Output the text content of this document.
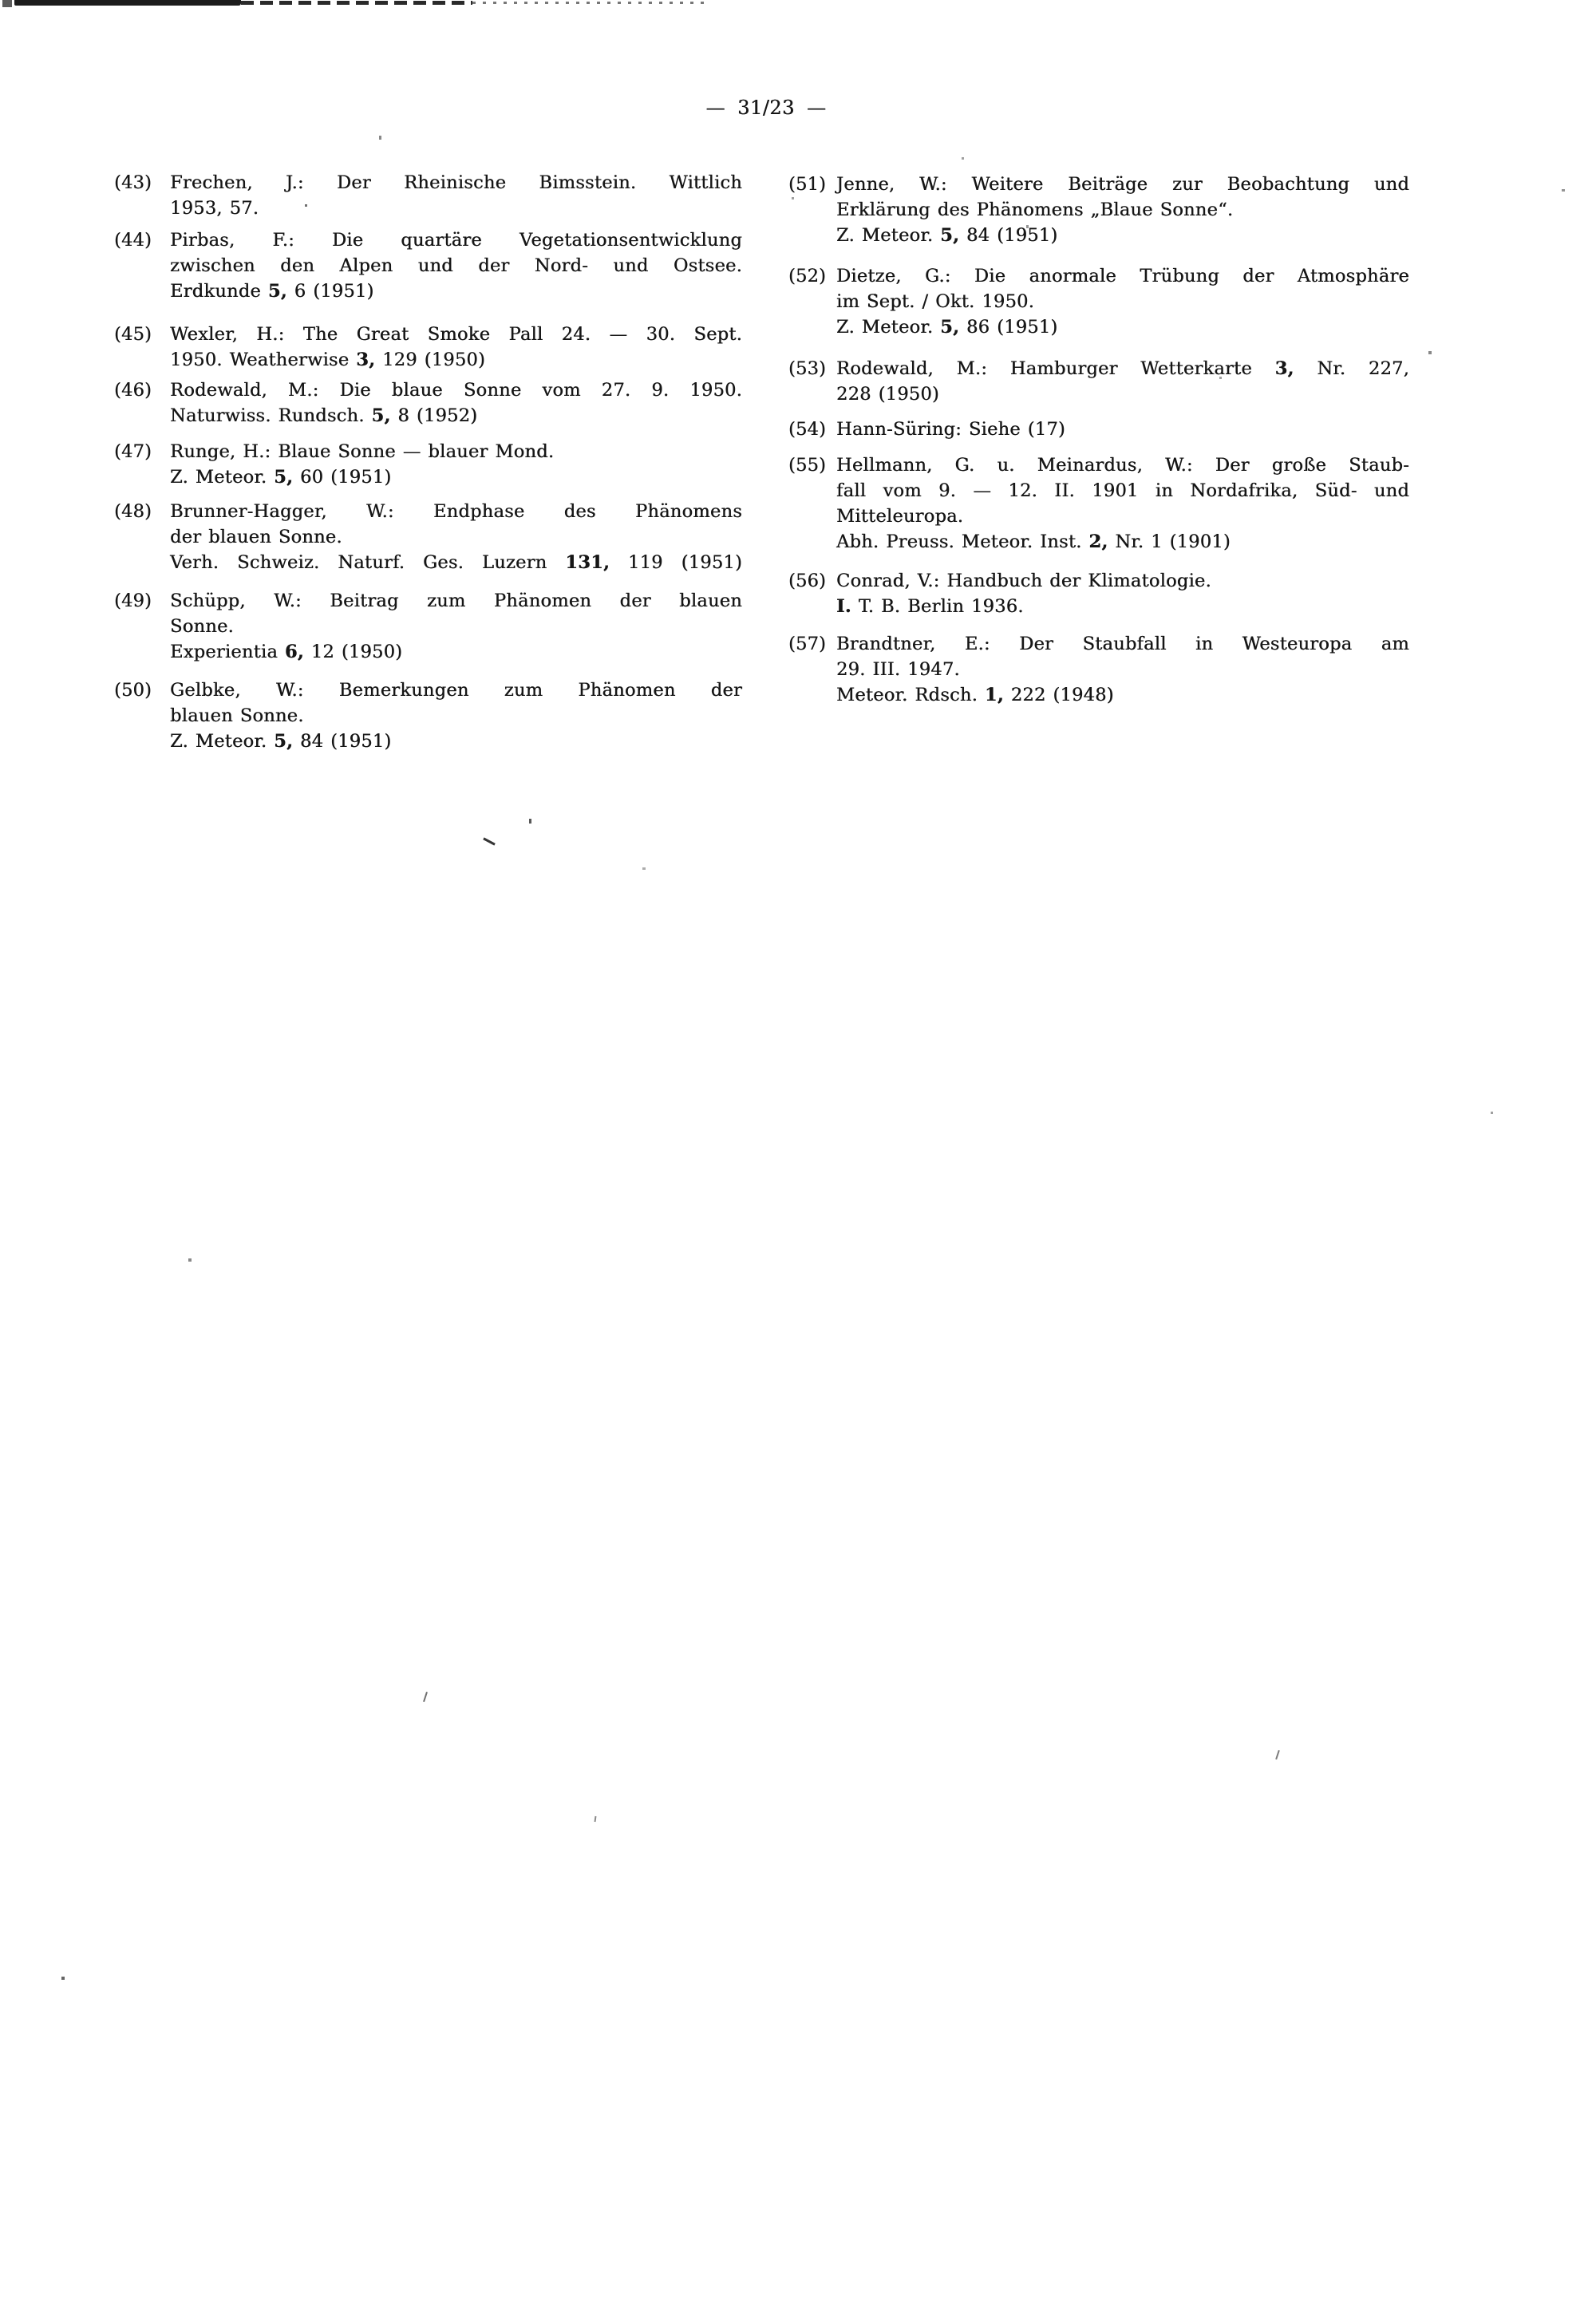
— 31/23 —
(43) Frechen, J.: Der Rheinische Bimsstein. Wittlich
1953, 57.
(44) Pirbas, F.: Die quartäre Vegetationsentwicklung
zwischen den Alpen und der Nord- und Ostsee.
Erdkunde 5, 6 (1951)
(45) Wexler, H.: The Great Smoke Pall 24. — 30. Sept.
1950. Weatherwise 3, 129 (1950)
(46) Rodewald, M.: Die blaue Sonne vom 27. 9. 1950.
Naturwiss. Rundsch. 5, 8 (1952)
(47) Runge, H.: Blaue Sonne — blauer Mond.
Z. Meteor. 5, 60 (1951)
(48) Brunner-Hagger, W.: Endphase des Phänomens
der blauen Sonne.
Verh. Schweiz. Naturf. Ges. Luzern 131, 119 (1951)
(49) Schüpp, W.: Beitrag zum Phänomen der blauen
Sonne.
Experientia 6, 12 (1950)
(50) Gelbke, W.: Bemerkungen zum Phänomen der
blauen Sonne.
Z. Meteor. 5, 84 (1951)
(51) Jenne, W.: Weitere Beiträge zur Beobachtung und
Erklärung des Phänomens „Blaue Sonne“.
Z. Meteor. 5, 84 (1951)
(52) Dietze, G.: Die anormale Trübung der Atmosphäre
im Sept. / Okt. 1950.
Z. Meteor. 5, 86 (1951)
(53) Rodewald, M.: Hamburger Wetterkarte 3, Nr. 227,
228 (1950)
(54) Hann-Süring: Siehe (17)
(55) Hellmann, G. u. Meinardus, W.: Der große Staub-
fall vom 9. — 12. II. 1901 in Nordafrika, Süd- und
Mitteleuropa.
Abh. Preuss. Meteor. Inst. 2, Nr. 1 (1901)
(56) Conrad, V.: Handbuch der Klimatologie.
I. T. B. Berlin 1936.
(57) Brandtner, E.: Der Staubfall in Westeuropa am
29. III. 1947.
Meteor. Rdsch. 1, 222 (1948)
